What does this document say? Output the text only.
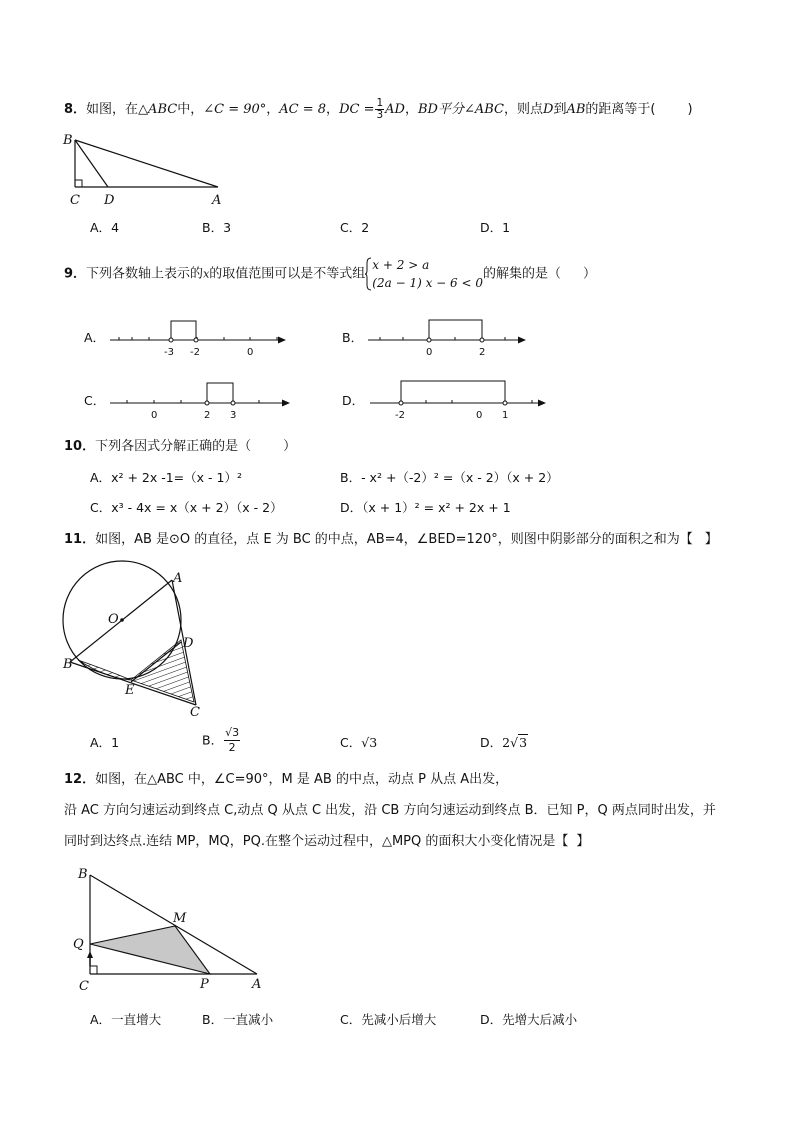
8．如图，在△ABC中，∠C = 90°，AC = 8，DC = $\frac{1}{3}$ AD，BD平分∠ABC，则点D到AB的距离等于( )
B
C D	A
A．4	B．3	C．2	D．1
9．下列各数轴上表示的x的取值范围可以是不等式组
x + 2 > a
(2a − 1) x − 6 < 0
的解集的是（ ）
A．
-3 -2	0
B．
0	2
C．
0	2 3
D．
-2	0 1
10．下列各因式分解正确的是（ ）
A．x² + 2x -1=（x - 1）²	B．- x² +（-2）² =（x - 2）（x + 2）
C．x³ - 4x = x（x + 2）（x - 2）	D．（x + 1）² = x² + 2x + 1
11．如图，AB 是⊙O 的直径，点 E 为 BC 的中点，AB=4，∠BED=120°，则图中阴影部分的面积之和为【 】
A
O
D
B
E
C
A．1	B． $\frac{√3}{2}$	C．√3	D．2√3
12．如图，在△ABC 中，∠C=90°，M 是 AB 的中点，动点 P 从点 A出发，
沿 AC 方向匀速运动到终点 C,动点 Q 从点 C 出发，沿 CB 方向匀速运动到终点 B．已知 P，Q 两点同时出发，并
同时到达终点.连结 MP，MQ，PQ.在整个运动过程中，△MPQ 的面积大小变化情况是【 】
B
M
Q
C	P	A
A．一直增大	B．一直减小	C．先减小后增大	D．先增大后减小
